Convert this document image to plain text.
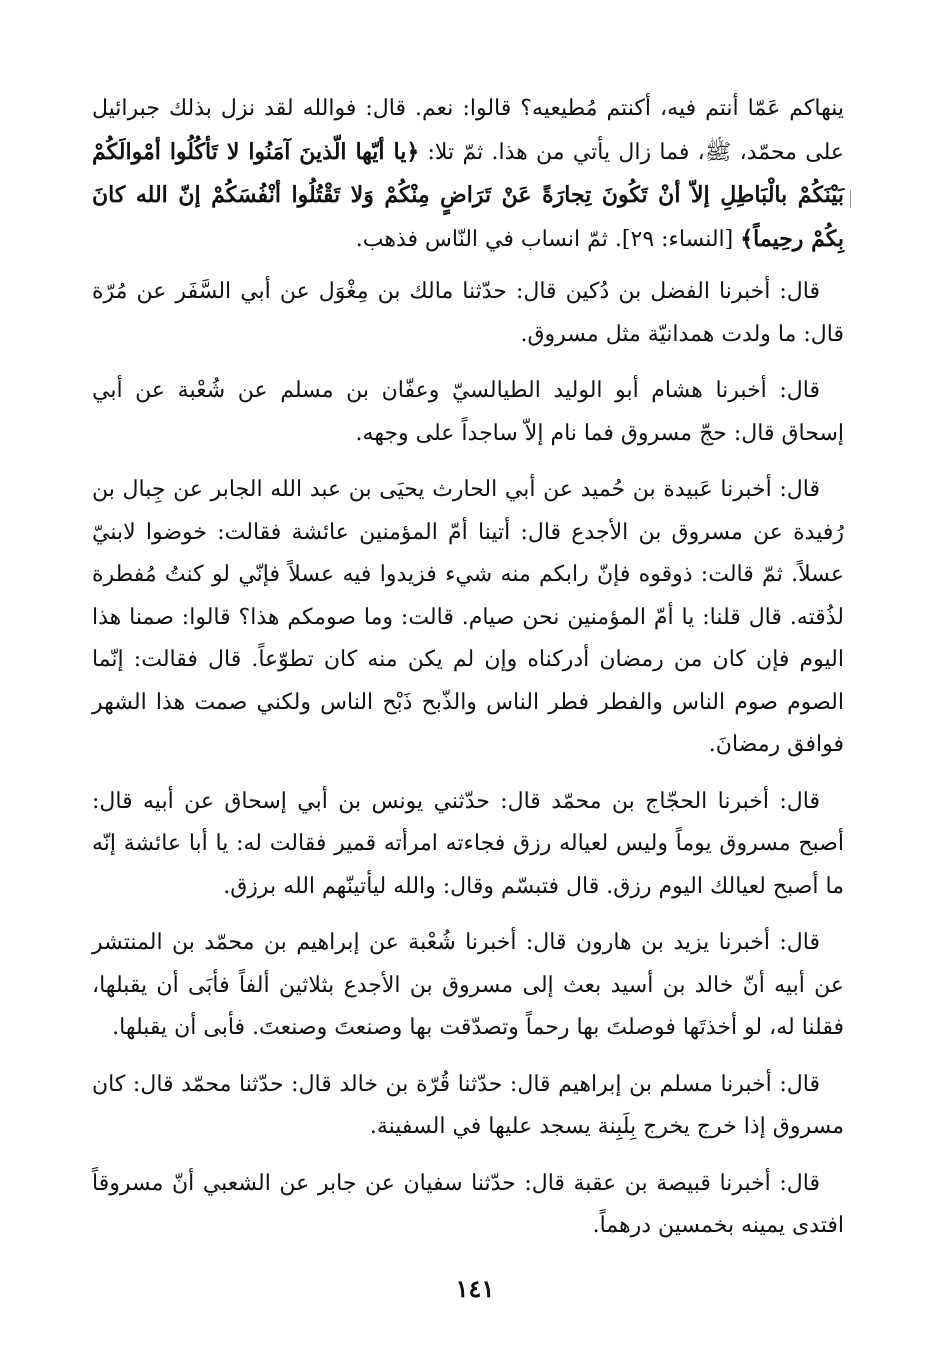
ينهاكم عَمّا أنتم فيه، أكنتم مُطيعيه؟ قالوا: نعم. قال: فوالله لقد نزل بذلك جبرائيل على محمّد، ﷺ، فما زال يأتي من هذا. ثمّ تلا: ﴿يا أيّها الّذينَ آمَنُوا لا تَأكُلُوا أمْوالَكُمْ بَيْنَكُمْ بالْبَاطِلِ إلاّ أنْ تَكُونَ تِجارَةً عَنْ تَرَاضٍ مِنْكُمْ وَلا تَقْتُلُوا أنْفُسَكُمْ إنّ الله كانَ بِكُمْ رحِيماً﴾ [النساء: ٢٩]. ثمّ انساب في النّاس فذهب.

قال: أخبرنا الفضل بن دُكين قال: حدّثنا مالك بن مِغْوَل عن أبي السَّفَر عن مُرّة قال: ما ولدت همدانيّة مثل مسروق.

قال: أخبرنا هشام أبو الوليد الطيالسيّ وعفّان بن مسلم عن شُعْبة عن أبي إسحاق قال: حجّ مسروق فما نام إلاّ ساجداً على وجهه.

قال: أخبرنا عَبيدة بن حُميد عن أبي الحارث يحيَى بن عبد الله الجابر عن جِبال بن رُفيدة عن مسروق بن الأجدع قال: أتينا أمّ المؤمنين عائشة فقالت: خوضوا لابنيّ عسلاً. ثمّ قالت: ذوقوه فإنّ رابكم منه شيء فزيدوا فيه عسلاً فإنّي لو كنتُ مُفطرة لذُقته. قال قلنا: يا أمّ المؤمنين نحن صيام. قالت: وما صومكم هذا؟ قالوا: صمنا هذا اليوم فإن كان من رمضان أدركناه وإن لم يكن منه كان تطوّعاً. قال فقالت: إنّما الصوم صوم الناس والفطر فطر الناس والذّبح ذَبْح الناس ولكني صمت هذا الشهر فوافق رمضانَ.

قال: أخبرنا الحجّاج بن محمّد قال: حدّثني يونس بن أبي إسحاق عن أبيه قال: أصبح مسروق يوماً وليس لعياله رزق فجاءته امرأته قمير فقالت له: يا أبا عائشة إنّه ما أصبح لعيالك اليوم رزق. قال فتبسّم وقال: والله ليأتينّهم الله برزق.

قال: أخبرنا يزيد بن هارون قال: أخبرنا شُعْبة عن إبراهيم بن محمّد بن المنتشر عن أبيه أنّ خالد بن أسيد بعث إلى مسروق بن الأجدع بثلاثين ألفاً فأبَى أن يقبلها، فقلنا له، لو أخذتَها فوصلتَ بها رحماً وتصدّقت بها وصنعتَ وصنعتَ. فأبى أن يقبلها.

قال: أخبرنا مسلم بن إبراهيم قال: حدّثنا قُرّة بن خالد قال: حدّثنا محمّد قال: كان مسروق إذا خرج يخرج بِلَبِنة يسجد عليها في السفينة.

قال: أخبرنا قبيصة بن عقبة قال: حدّثنا سفيان عن جابر عن الشعبي أنّ مسروقاً افتدى يمينه بخمسين درهماً.

١٤١
